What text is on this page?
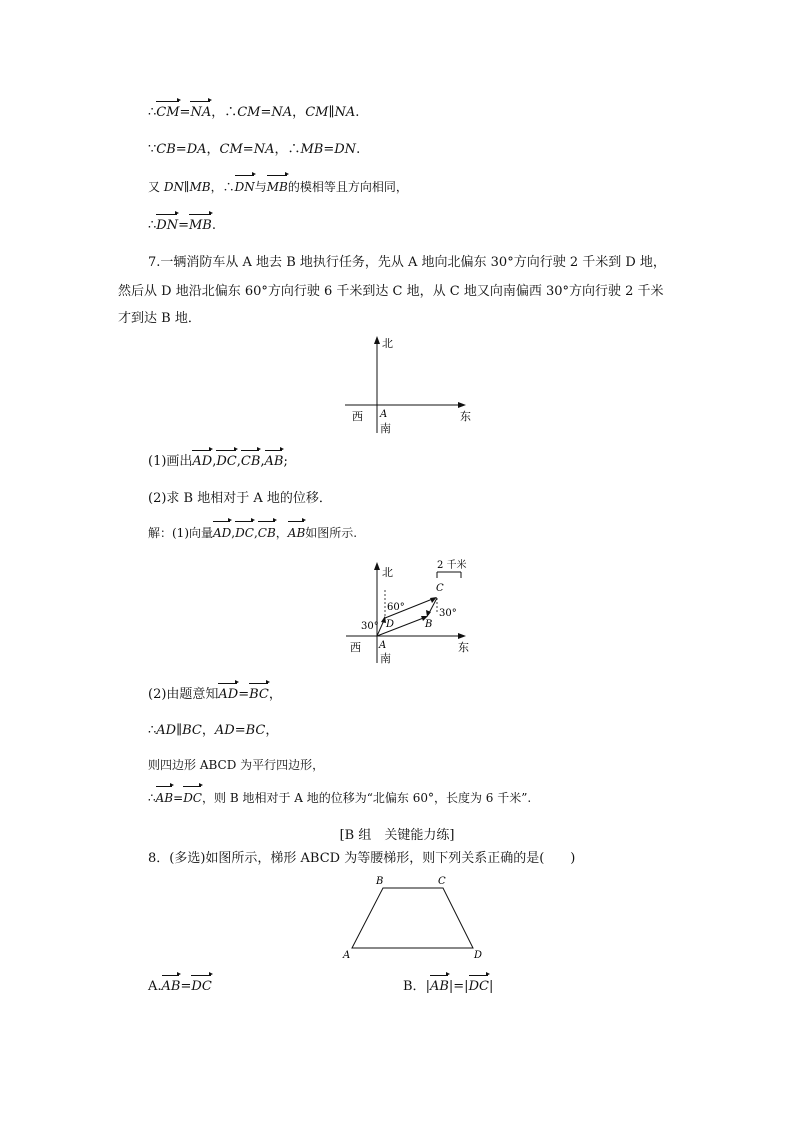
∴CM=NA，∴CM=NA，CM∥NA.
∵CB=DA，CM=NA，∴MB=DN.
又 DN∥MB，∴DN与MB的模相等且方向相同，
∴DN=MB.
7.一辆消防车从 A 地去 B 地执行任务，先从 A 地向北偏东 30°方向行驶 2 千米到 D 地，
然后从 D 地沿北偏东 60°方向行驶 6 千米到达 C 地，从 C 地又向南偏西 30°方向行驶 2 千米
才到达 B 地．
北
西	东
南
A
(1)画出AD,DC,CB,AB;
(2)求 B 地相对于 A 地的位移．
解：(1)向量AD,DC,CB，AB如图所示.
北
西	东
南
A
2 千米
C
D	B
60°
30°
30°
(2)由题意知AD=BC，
∴AD∥BC，AD=BC，
则四边形 ABCD 为平行四边形，
∴AB=DC，则 B 地相对于 A 地的位移为“北偏东 60°，长度为 6 千米”.
[B 组　关键能力练]
8．(多选)如图所示，梯形 ABCD 为等腰梯形，则下列关系正确的是(　　)
B	C
A	D
A.AB=DC	B．|AB|=|DC|
